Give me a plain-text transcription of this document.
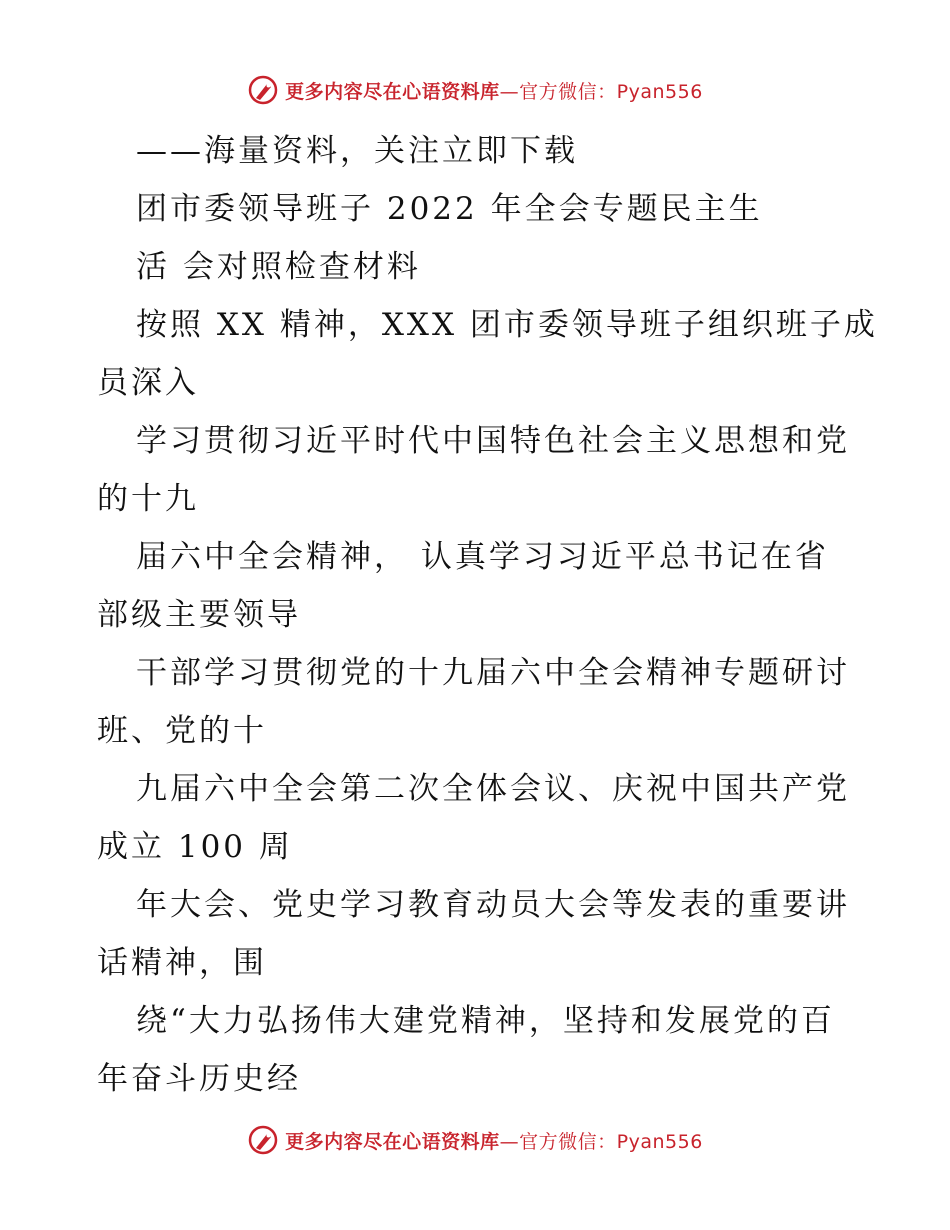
更多内容尽在心语资料库—官方微信：Pyan556
——海量资料，关注立即下载
团市委领导班子 2022 年全会专题民主生
活 会对照检查材料
按照 XX 精神，XXX 团市委领导班子组织班子成
员深入
学习贯彻习近平时代中国特色社会主义思想和党
的十九
届六中全会精神， 认真学习习近平总书记在省
部级主要领导
干部学习贯彻党的十九届六中全会精神专题研讨
班、党的十
九届六中全会第二次全体会议、庆祝中国共产党
成立 100 周
年大会、党史学习教育动员大会等发表的重要讲
话精神，围
绕“大力弘扬伟大建党精神，坚持和发展党的百
年奋斗历史经
更多内容尽在心语资料库—官方微信：Pyan556
